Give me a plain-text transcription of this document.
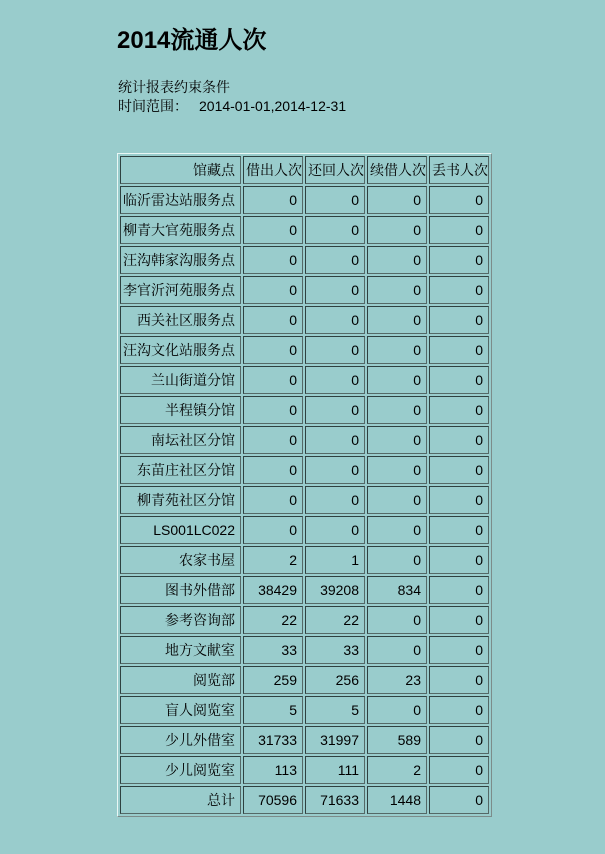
2014流通人次

统计报表约束条件

时间范围： 2014-01-01,2014-12-31

馆藏点	借出人次	还回人次	续借人次	丢书人次
临沂雷达站服务点	0	0	0	0
柳青大官苑服务点	0	0	0	0
汪沟韩家沟服务点	0	0	0	0
李官沂河苑服务点	0	0	0	0
西关社区服务点	0	0	0	0
汪沟文化站服务点	0	0	0	0
兰山街道分馆	0	0	0	0
半程镇分馆	0	0	0	0
南坛社区分馆	0	0	0	0
东苗庄社区分馆	0	0	0	0
柳青苑社区分馆	0	0	0	0
LS001LC022	0	0	0	0
农家书屋	2	1	0	0
图书外借部	38429	39208	834	0
参考咨询部	22	22	0	0
地方文献室	33	33	0	0
阅览部	259	256	23	0
盲人阅览室	5	5	0	0
少儿外借室	31733	31997	589	0
少儿阅览室	113	111	2	0
总计	70596	71633	1448	0
